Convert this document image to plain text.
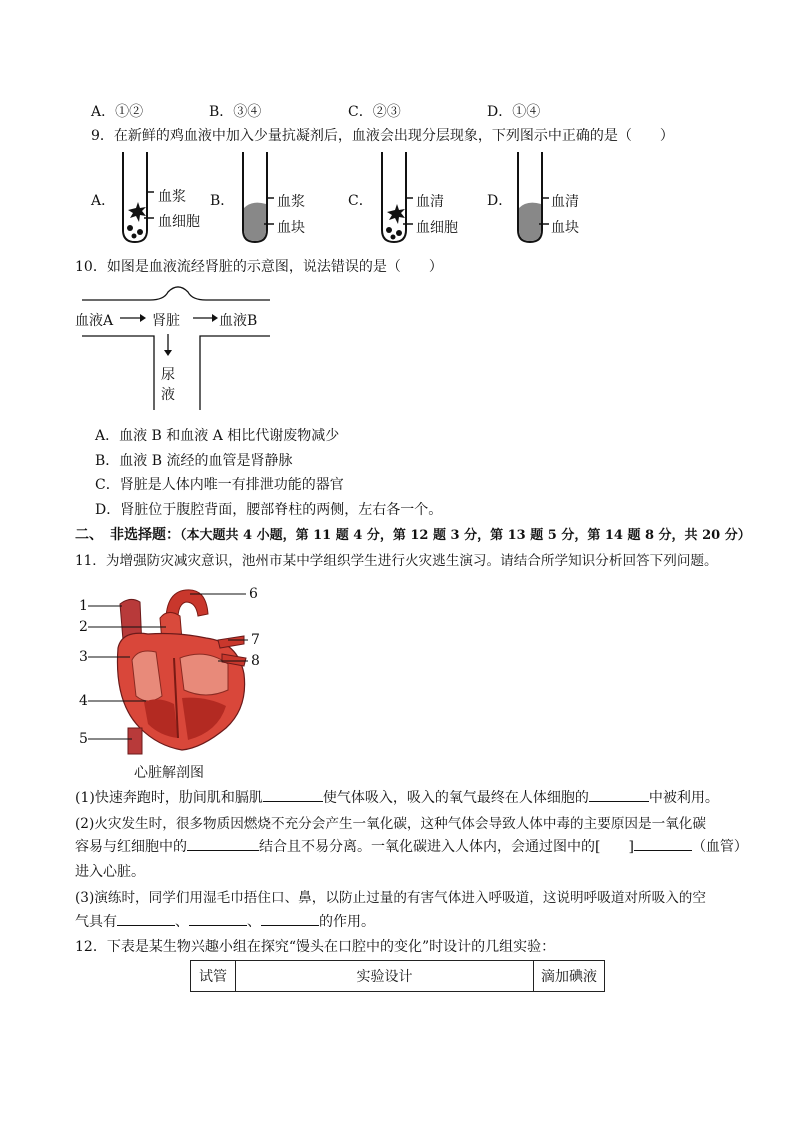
A．①②	B．③④	C．②③	D．①④
9．在新鲜的鸡血液中加入少量抗凝剂后，血液会出现分层现象，下列图示中正确的是（　　）
A．	血浆
血细胞
B．	血浆
血块
C．	血清
血细胞
D．	血清
血块
10．如图是血液流经肾脏的示意图，说法错误的是（　　）
血液A	肾脏	血液B
尿
液
A．血液 B 和血液 A 相比代谢废物减少
B．血液 B 流经的血管是肾静脉
C．肾脏是人体内唯一有排泄功能的器官
D．肾脏位于腹腔背面，腰部脊柱的两侧，左右各一个。
二、　非选择题：（本大题共 4 小题，第 11 题 4 分，第 12 题 3 分，第 13 题 5 分，第 14 题 8 分，共 20 分）
11．为增强防灾减灾意识，池州市某中学组织学生进行火灾逃生演习。请结合所学知识分析回答下列问题。
1
2
3
4
5
6
7
8
心脏解剖图
(1)快速奔跑时，肋间肌和膈肌	使气体吸入，吸入的氧气最终在人体细胞的	中被利用。
(2)火灾发生时，很多物质因燃烧不充分会产生一氧化碳，这种气体会导致人体中毒的主要原因是一氧化碳
容易与红细胞中的	结合且不易分离。一氧化碳进入人体内，会通过图中的[　　]	（血管）
进入心脏。
(3)演练时，同学们用湿毛巾捂住口、鼻，以防止过量的有害气体进入呼吸道，这说明呼吸道对所吸入的空
气具有	、	、	的作用。
12．下表是某生物兴趣小组在探究“馒头在口腔中的变化”时设计的几组实验：
试管	实验设计	滴加碘液
